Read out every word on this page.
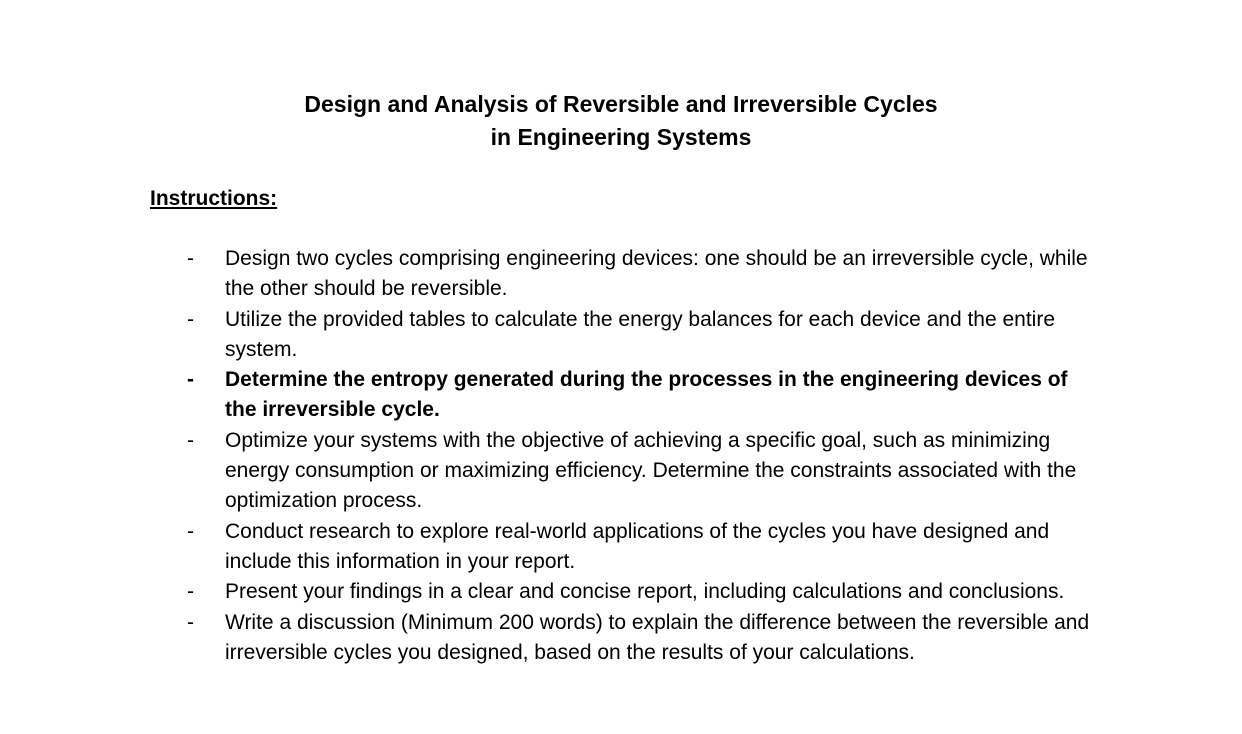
Design and Analysis of Reversible and Irreversible Cycles
in Engineering Systems
Instructions:
- Design two cycles comprising engineering devices: one should be an irreversible cycle, while the other should be reversible.
- Utilize the provided tables to calculate the energy balances for each device and the entire system.
- Determine the entropy generated during the processes in the engineering devices of the irreversible cycle.
- Optimize your systems with the objective of achieving a specific goal, such as minimizing energy consumption or maximizing efficiency. Determine the constraints associated with the optimization process.
- Conduct research to explore real-world applications of the cycles you have designed and include this information in your report.
- Present your findings in a clear and concise report, including calculations and conclusions.
- Write a discussion (Minimum 200 words) to explain the difference between the reversible and irreversible cycles you designed, based on the results of your calculations.
